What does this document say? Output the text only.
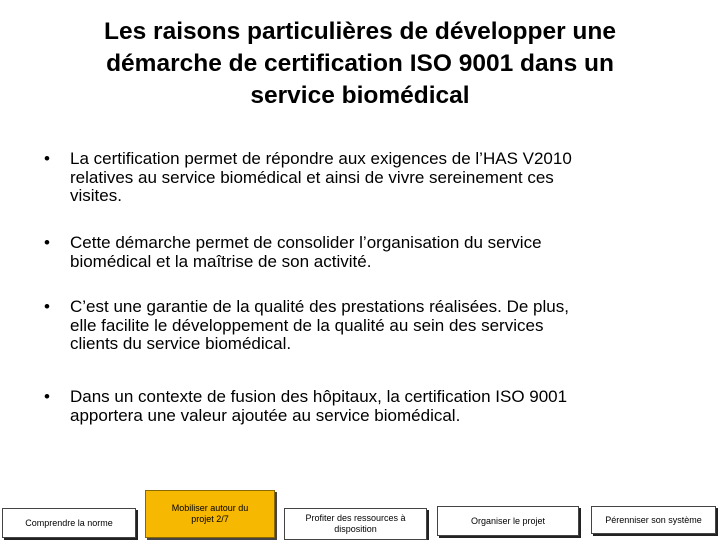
Les raisons particulières de développer une
démarche de certification ISO 9001 dans un
service biomédical
• La certification permet de répondre aux exigences de l’HAS V2010
relatives au service biomédical et ainsi de vivre sereinement ces
visites.
• Cette démarche permet de consolider l’organisation du service
biomédical et la maîtrise de son activité.
• C’est une garantie de la qualité des prestations réalisées. De plus,
elle facilite le développement de la qualité au sein des services
clients du service biomédical.
• Dans un contexte de fusion des hôpitaux, la certification ISO 9001
apportera une valeur ajoutée au service biomédical.
Comprendre la norme
Mobiliser autour du
projet 2/7	Profiter des ressources à
disposition
Organiser le projet	Pérenniser son système
